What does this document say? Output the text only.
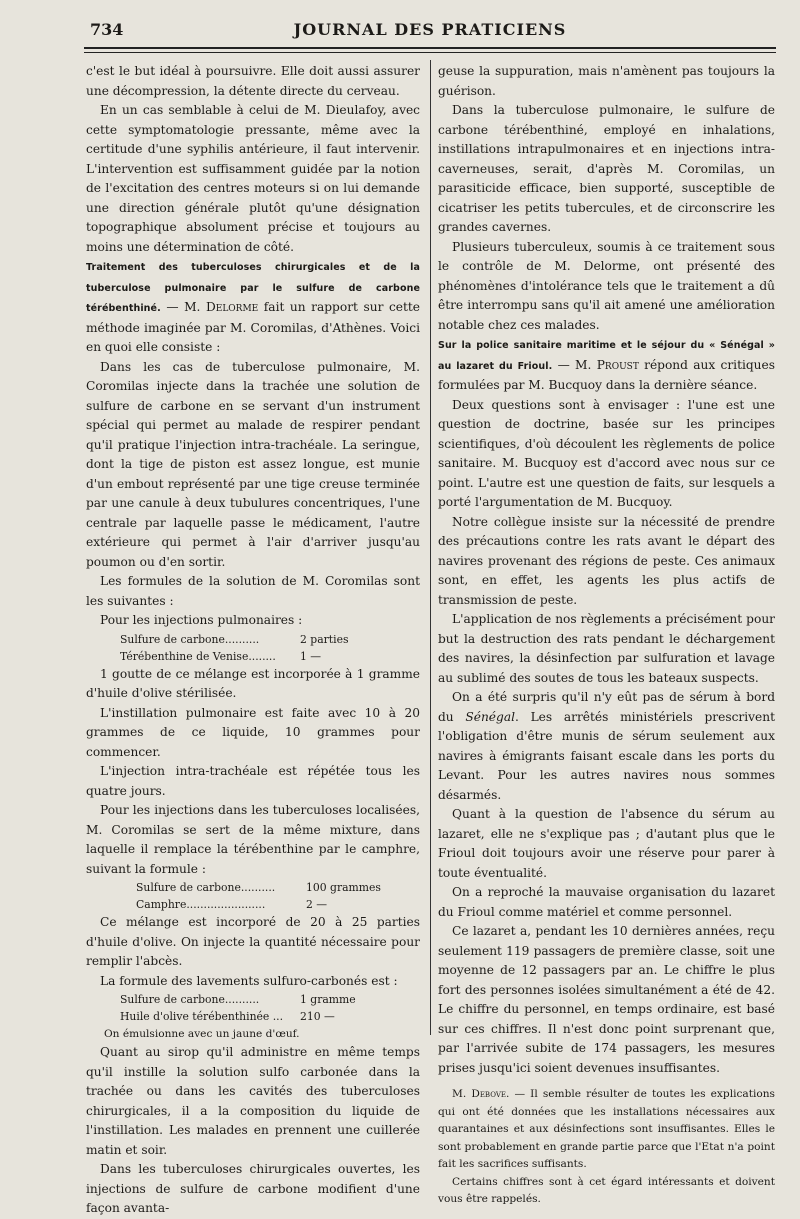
734	JOURNAL DES PRATICIENS

c'est le but idéal à poursuivre. Elle doit aussi assurer une décompression, la détente directe du cerveau.

En un cas semblable à celui de M. Dieulafoy, avec cette symptomatologie pressante, même avec la certitude d'une syphilis antérieure, il faut intervenir. L'intervention est suffisamment guidée par la notion de l'excitation des centres moteurs si on lui demande une direction générale plutôt qu'une désignation topographique absolument précise et toujours au moins une détermination de côté.

Traitement des tuberculoses chirurgicales et de la tuberculose pulmonaire par le sulfure de carbone térébenthiné. — M. Delorme fait un rapport sur cette méthode imaginée par M. Coromilas, d'Athènes. Voici en quoi elle consiste :

Dans les cas de tuberculose pulmonaire, M. Coromilas injecte dans la trachée une solution de sulfure de carbone en se servant d'un instrument spécial qui permet au malade de respirer pendant qu'il pratique l'injection intra-trachéale. La seringue, dont la tige de piston est assez longue, est munie d'un embout représenté par une tige creuse terminée par une canule à deux tubulures concentriques, l'une centrale par laquelle passe le médicament, l'autre extérieure qui permet à l'air d'arriver jusqu'au poumon ou d'en sortir.

Les formules de la solution de M. Coromilas sont les suivantes :

Pour les injections pulmonaires :

Sulfure de carbone..........	2 parties
Térébenthine de Venise........	1 —

1 goutte de ce mélange est incorporée à 1 gramme d'huile d'olive stérilisée.

L'instillation pulmonaire est faite avec 10 à 20 grammes de ce liquide, 10 grammes pour commencer.

L'injection intra-trachéale est répétée tous les quatre jours.

Pour les injections dans les tuberculoses localisées, M. Coromilas se sert de la même mixture, dans laquelle il remplace la térébenthine par le camphre, suivant la formule :

Sulfure de carbone..........	100 grammes
Camphre.......................	2 —

Ce mélange est incorporé de 20 à 25 parties d'huile d'olive. On injecte la quantité nécessaire pour remplir l'abcès.

La formule des lavements sulfuro-carbonés est :

Sulfure de carbone..........	1 gramme
Huile d'olive térébenthinée ...	210 —

On émulsionne avec un jaune d'œuf.

Quant au sirop qu'il administre en même temps qu'il instille la solution sulfo carbonée dans la trachée ou dans les cavités des tuberculoses chirurgicales, il a la composition du liquide de l'instillation. Les malades en prennent une cuillerée matin et soir.

Dans les tuberculoses chirurgicales ouvertes, les injections de sulfure de carbone modifient d'une façon avanta-

geuse la suppuration, mais n'amènent pas toujours la guérison.

Dans la tuberculose pulmonaire, le sulfure de carbone térébenthiné, employé en inhalations, instillations intrapulmonaires et en injections intra-caverneuses, serait, d'après M. Coromilas, un parasiticide efficace, bien supporté, susceptible de cicatriser les petits tubercules, et de circonscrire les grandes cavernes.

Plusieurs tuberculeux, soumis à ce traitement sous le contrôle de M. Delorme, ont présenté des phénomènes d'intolérance tels que le traitement a dû être interrompu sans qu'il ait amené une amélioration notable chez ces malades.

Sur la police sanitaire maritime et le séjour du « Sénégal » au lazaret du Frioul. — M. Proust répond aux critiques formulées par M. Bucquoy dans la dernière séance.

Deux questions sont à envisager : l'une est une question de doctrine, basée sur les principes scientifiques, d'où découlent les règlements de police sanitaire. M. Bucquoy est d'accord avec nous sur ce point. L'autre est une question de faits, sur lesquels a porté l'argumentation de M. Bucquoy.

Notre collègue insiste sur la nécessité de prendre des précautions contre les rats avant le départ des navires provenant des régions de peste. Ces animaux sont, en effet, les agents les plus actifs de transmission de peste.

L'application de nos règlements a précisément pour but la destruction des rats pendant le déchargement des navires, la désinfection par sulfuration et lavage au sublimé des soutes de tous les bateaux suspects.

On a été surpris qu'il n'y eût pas de sérum à bord du Sénégal. Les arrêtés ministériels prescrivent l'obligation d'être munis de sérum seulement aux navires à émigrants faisant escale dans les ports du Levant. Pour les autres navires nous sommes désarmés.

Quant à la question de l'absence du sérum au lazaret, elle ne s'explique pas ; d'autant plus que le Frioul doit toujours avoir une réserve pour parer à toute éventualité.

On a reproché la mauvaise organisation du lazaret du Frioul comme matériel et comme personnel.

Ce lazaret a, pendant les 10 dernières années, reçu seulement 119 passagers de première classe, soit une moyenne de 12 passagers par an. Le chiffre le plus fort des personnes isolées simultanément a été de 42. Le chiffre du personnel, en temps ordinaire, est basé sur ces chiffres. Il n'est donc point surprenant que, par l'arrivée subite de 174 passagers, les mesures prises jusqu'ici soient devenues insuffisantes.

M. Debove. — Il semble résulter de toutes les explications qui ont été données que les installations nécessaires aux quarantaines et aux désinfections sont insuffisantes. Elles le sont probablement en grande partie parce que l'Etat n'a point fait les sacrifices suffisants.

Certains chiffres sont à cet égard intéressants et doivent vous être rappelés.
